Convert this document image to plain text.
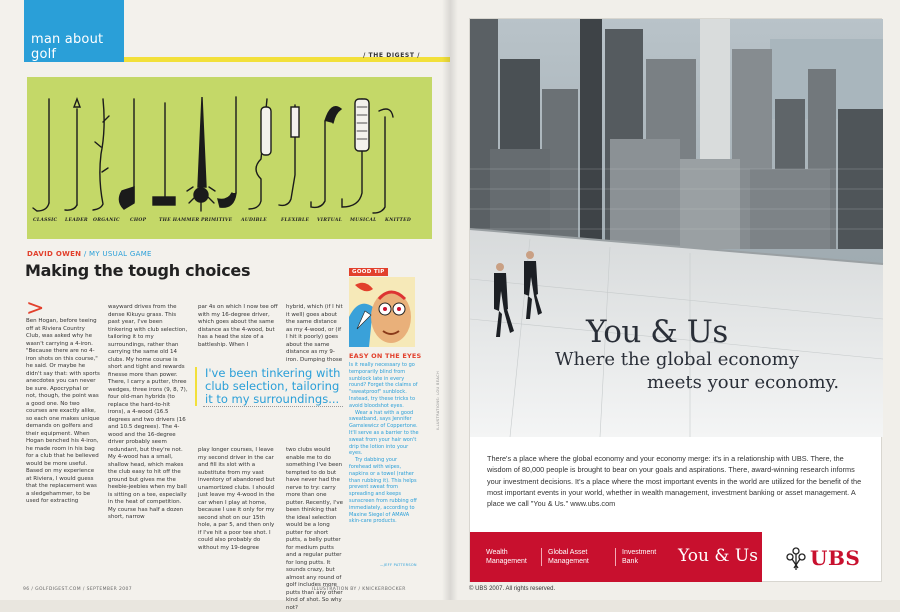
man about golf	/ THE DIGEST /
CLASSIC LEADER ORGANIC CHOP	THE HAMMER PRIMITIVE AUDIBLE	FLEXIBLE VIRTUAL MUSICAL KNITTED
DAVID OWEN / MY USUAL GAME
Making the tough choices
>

Ben Hogan, before teeing off at Riviera Country Club, was asked why he wasn't carrying a 4-iron. "Because there are no 4-iron shots on this course," he said. Or maybe he didn't say that: with sports anecdotes you can never be sure. Apocryphal or not, though, the point was a good one. No two courses are exactly alike, so each one makes unique demands on golfers and their equipment. When Hogan benched his 4-iron, he made room in his bag for a club that he believed would be more useful. Based on my experience at Riviera, I would guess that the replacement was a sledgehammer, to be used for extracting

wayward drives from the dense Kikuyu grass. This past year, I've been tinkering with club selection, tailoring it to my surroundings, rather than carrying the same old 14 clubs. My home course is short and tight and rewards finesse more than power. There, I carry a putter, three wedges, three irons (9, 8, 7), four old-man hybrids (to replace the hard-to-hit irons), a 4-wood (16.5 degrees and two drivers (16 and 10.5 degrees). The 4-wood and the 16-degree driver probably seem redundant, but they're not. My 4-wood has a small, shallow head, which makes the club easy to hit off the ground but gives me the heebie-jeebies when my ball is sitting on a tee, especially in the heat of competition. My course has half a dozen short, narrow

par 4s on which I now tee off with my 16-degree driver, which goes about the same distance as the 4-wood, but has a head the size of a battleship. When I

play longer courses, I leave my second driver in the car and fill its slot with a substitute from my vast inventory of abandoned but unamortized clubs. I should just leave my 4-wood in the car when I play at home, because I use it only for my second shot on our 15th hole, a par 5, and then only if I've hit a poor tee shot. I could also probably do without my 19-degree

hybrid, which (if I hit it well) goes about the same distance as my 4-wood, or (if I hit it poorly) goes about the same distance as my 9-iron. Dumping those

two clubs would enable me to do something I've been tempted to do but have never had the nerve to try: carry more than one putter. Recently, I've been thinking that the ideal selection would be a long putter for short putts, a belly putter for medium putts and a regular putter for long putts. It sounds crazy, but almost any round of golf includes more putts than any other kind of shot. So why not?

I've been tinkering with club selection, tailoring it to my surroundings...
GOOD TIP
EASY ON THE EYES

Is it really necessary to go temporarily blind from sunblock late in every round? Forget the claims of "sweatproof" sunblock. Instead, try these tricks to avoid bloodshot eyes.

Wear a hat with a good sweatband, says Jennifer Gamsiewicz of Coppertone. It'll serve as a barrier to the sweat from your hair won't drip the lotion into your eyes.

Try dabbing your forehead with wipes, napkins or a towel (rather than rubbing it). This helps prevent sweat from spreading and keeps sunscreen from rubbing off immediately, according to Maxine Siegel of AMAVA skin-care products.

—JEFF PATTERSON
ILLUSTRATIONS: LOU BEACH
96 / GOLFDIGEST.COM / SEPTEMBER 2007	ILLUSTRATION BY / KNICKERBOCKER
You & Us
Where the global economy
meets your economy.
There's a place where the global economy and your economy merge: it's in a relationship with UBS. There, the wisdom of 80,000 people is brought to bear on your goals and aspirations. There, award-winning research informs your investment decisions. It's a place where the most important events in the world are utilized for the benefit of the most important events in your world, whether in wealth management, investment banking or asset management. A place we call "You & Us." www.ubs.com
Wealth
Management
Global Asset
Management
Investment
Bank	You & Us	UBS
© UBS 2007. All rights reserved.
